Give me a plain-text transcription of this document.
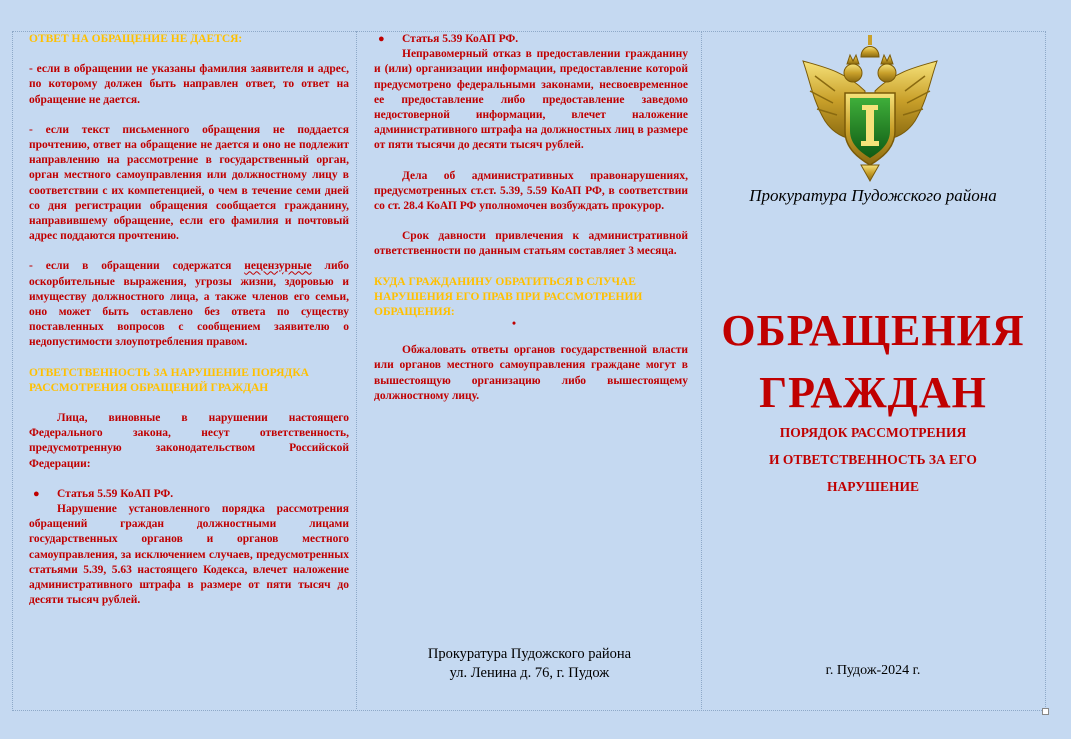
ОТВЕТ НА ОБРАЩЕНИЕ НЕ ДАЕТСЯ:

- если в обращении не указаны фамилия заявителя и адрес, по которому должен быть направлен ответ, то ответ на обращение не дается.

- если текст письменного обращения не поддается прочтению, ответ на обращение не дается и оно не подлежит направлению на рассмотрение в государственный орган, орган местного самоуправления или должностному лицу в соответствии с их компетенцией, о чем в течение семи дней со дня регистрации обращения сообщается гражданину, направившему обращение, если его фамилия и почтовый адрес поддаются прочтению.

- если в обращении содержатся нецензурные либо оскорбительные выражения, угрозы жизни, здоровью и имуществу должностного лица, а также членов его семьи, оно может быть оставлено без ответа по существу поставленных вопросов с сообщением заявителю о недопустимости злоупотребления правом.

ОТВЕТСТВЕННОСТЬ ЗА НАРУШЕНИЕ ПОРЯДКА РАССМОТРЕНИЯ ОБРАЩЕНИЙ ГРАЖДАН

Лица, виновные в нарушении настоящего Федерального закона, несут ответственность, предусмотренную законодательством Российской Федерации:

●	Статья 5.59 КоАП РФ.

Нарушение установленного порядка рассмотрения обращений граждан должностными лицами государственных органов и органов местного самоуправления, за исключением случаев, предусмотренных статьями 5.39, 5.63 настоящего Кодекса, влечет наложение административного штрафа в размере от пяти тысяч до десяти тысяч рублей.

●	Статья 5.39 КоАП РФ.

Неправомерный отказ в предоставлении гражданину и (или) организации информации, предоставление которой предусмотрено федеральными законами, несвоевременное ее предоставление либо предоставление заведомо недостоверной информации, влечет наложение административного штрафа на должностных лиц в размере от пяти тысячи до десяти тысяч рублей.

Дела об административных правонарушениях, предусмотренных ст.ст. 5.39, 5.59 КоАП РФ, в соответствии со ст. 28.4 КоАП РФ уполномочен возбуждать прокурор.

Срок давности привлечения к административной ответственности по данным статьям составляет 3 месяца.

КУДА ГРАЖДАНИНУ ОБРАТИТЬСЯ В СЛУЧАЕ НАРУШЕНИЯ ЕГО ПРАВ ПРИ РАССМОТРЕНИИ ОБРАЩЕНИЯ:

•

Обжаловать ответы органов государственной власти или органов местного самоуправления граждане могут в вышестоящую организацию либо вышестоящему должностному лицу.

Прокуратура Пудожского района
ул. Ленина д. 76, г. Пудож
Прокуратура Пудожского района
ОБРАЩЕНИЯ
ГРАЖДАН
ПОРЯДОК РАССМОТРЕНИЯ
И ОТВЕТСТВЕННОСТЬ ЗА ЕГО
НАРУШЕНИЕ
г. Пудож-2024 г.
